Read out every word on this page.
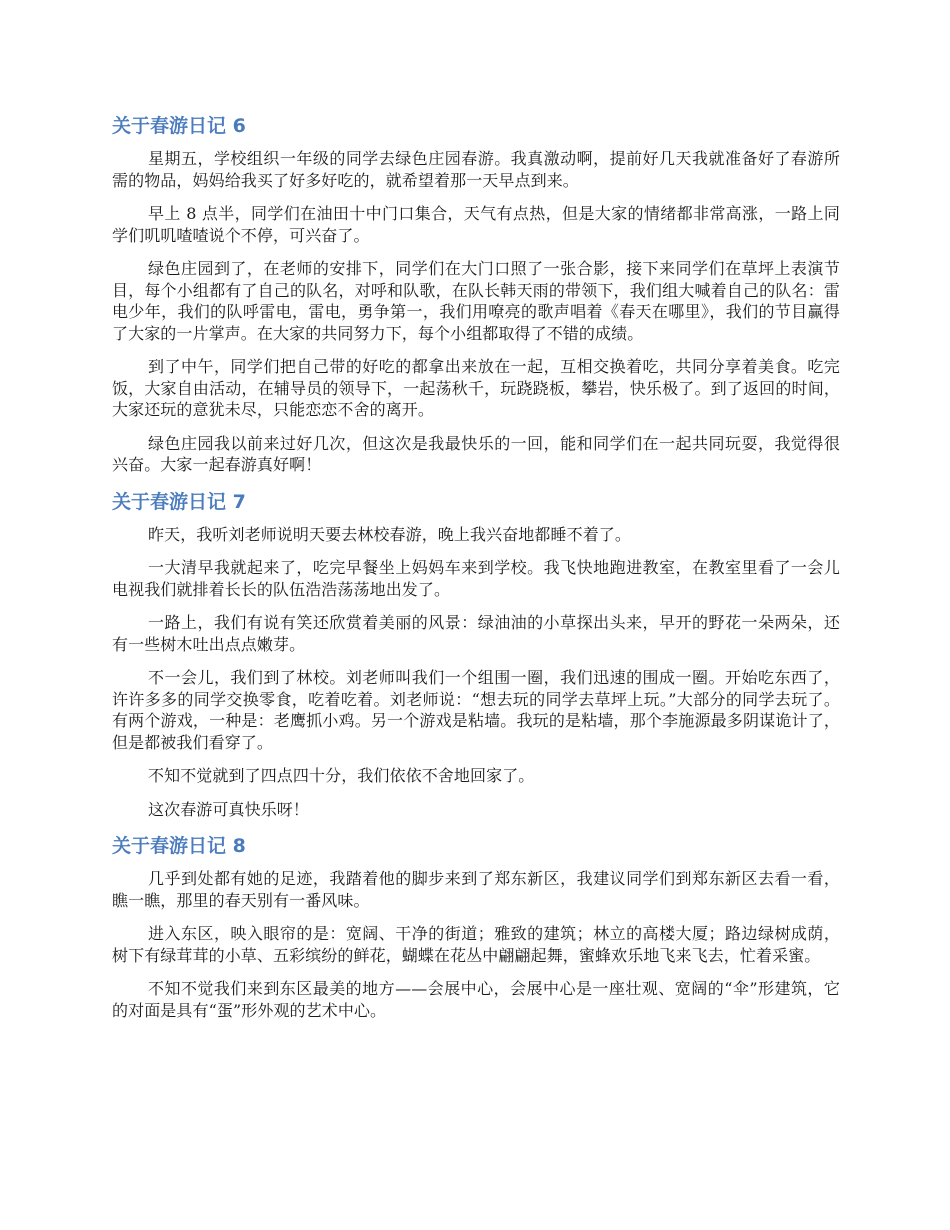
关于春游日记 6

星期五，学校组织一年级的同学去绿色庄园春游。我真激动啊，提前好几天我就准备好了春游所需的物品，妈妈给我买了好多好吃的，就希望着那一天早点到来。

早上 8 点半，同学们在油田十中门口集合，天气有点热，但是大家的情绪都非常高涨，一路上同学们叽叽喳喳说个不停，可兴奋了。

绿色庄园到了，在老师的安排下，同学们在大门口照了一张合影，接下来同学们在草坪上表演节目，每个小组都有了自己的队名，对呼和队歌，在队长韩天雨的带领下，我们组大喊着自己的队名：雷电少年，我们的队呼雷电，雷电，勇争第一，我们用嘹亮的歌声唱着《春天在哪里》，我们的节目赢得了大家的一片掌声。在大家的共同努力下，每个小组都取得了不错的成绩。

到了中午，同学们把自己带的好吃的都拿出来放在一起，互相交换着吃，共同分享着美食。吃完饭，大家自由活动，在辅导员的领导下，一起荡秋千，玩跷跷板，攀岩，快乐极了。到了返回的时间，大家还玩的意犹未尽，只能恋恋不舍的离开。

绿色庄园我以前来过好几次，但这次是我最快乐的一回，能和同学们在一起共同玩耍，我觉得很兴奋。大家一起春游真好啊！

关于春游日记 7

昨天，我听刘老师说明天要去林校春游，晚上我兴奋地都睡不着了。

一大清早我就起来了，吃完早餐坐上妈妈车来到学校。我飞快地跑进教室，在教室里看了一会儿电视我们就排着长长的队伍浩浩荡荡地出发了。

一路上，我们有说有笑还欣赏着美丽的风景：绿油油的小草探出头来，早开的野花一朵两朵，还有一些树木吐出点点嫩芽。

不一会儿，我们到了林校。刘老师叫我们一个组围一圈，我们迅速的围成一圈。开始吃东西了，许许多多的同学交换零食，吃着吃着。刘老师说：“想去玩的同学去草坪上玩。”大部分的同学去玩了。有两个游戏，一种是：老鹰抓小鸡。另一个游戏是粘墙。我玩的是粘墙，那个李施源最多阴谋诡计了，但是都被我们看穿了。

不知不觉就到了四点四十分，我们依依不舍地回家了。

这次春游可真快乐呀！

关于春游日记 8

几乎到处都有她的足迹，我踏着他的脚步来到了郑东新区，我建议同学们到郑东新区去看一看，瞧一瞧，那里的春天别有一番风味。

进入东区，映入眼帘的是：宽阔、干净的街道；雅致的建筑；林立的高楼大厦；路边绿树成荫，树下有绿茸茸的小草、五彩缤纷的鲜花，蝴蝶在花丛中翩翩起舞，蜜蜂欢乐地飞来飞去，忙着采蜜。

不知不觉我们来到东区最美的地方——会展中心，会展中心是一座壮观、宽阔的“伞”形建筑，它的对面是具有“蛋”形外观的艺术中心。
